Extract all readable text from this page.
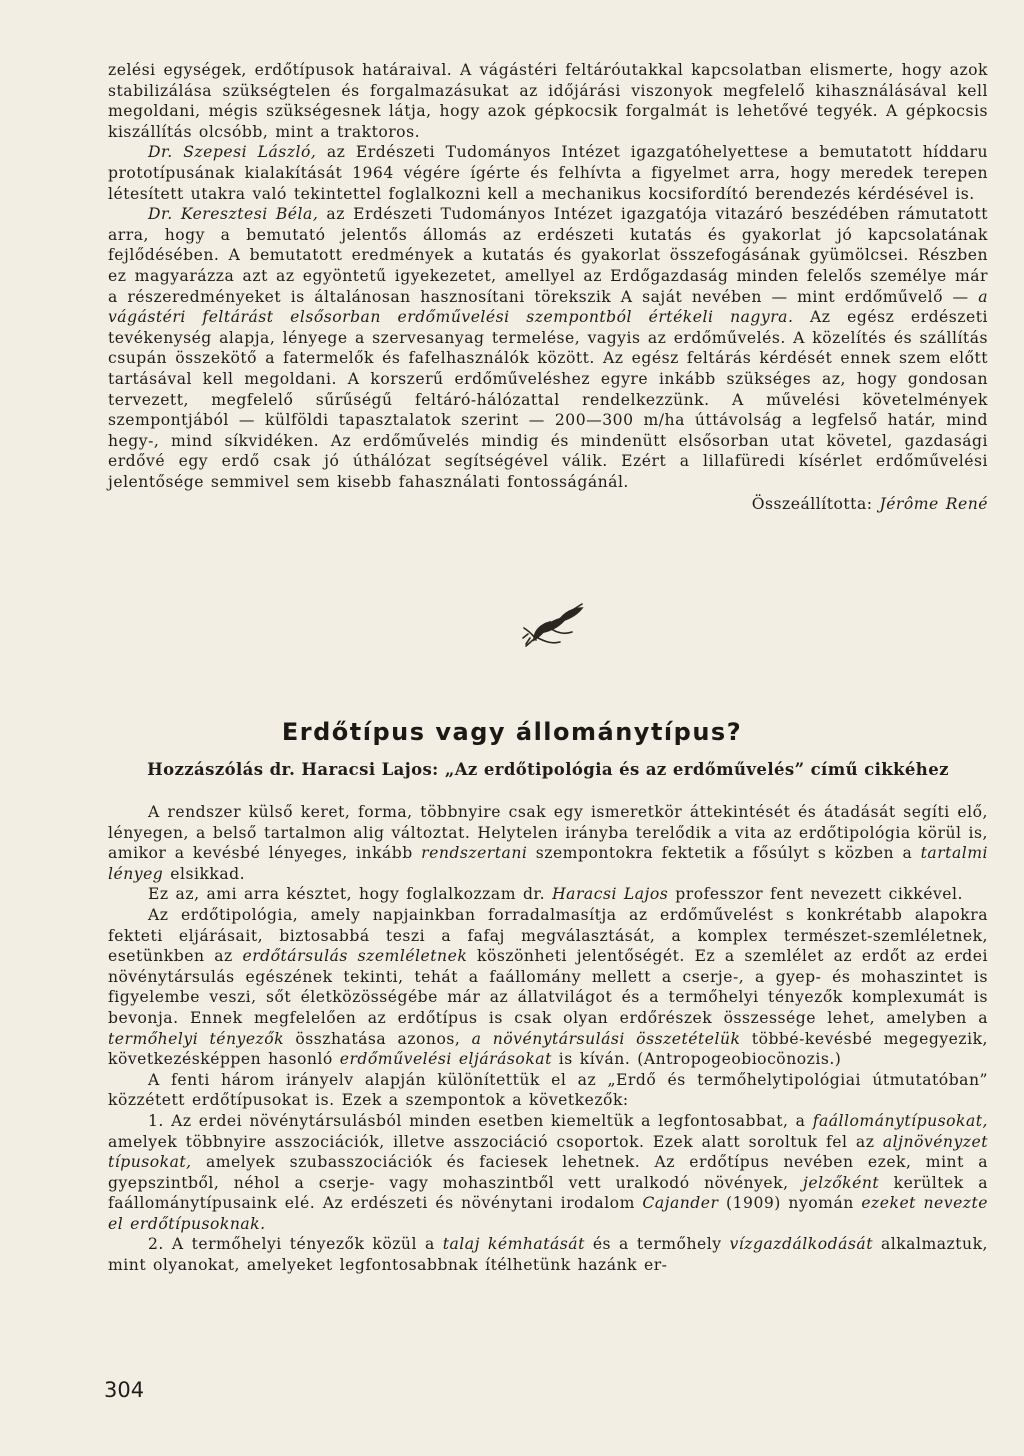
zelési egységek, erdőtípusok határaival. A vágástéri feltáróutakkal kapcsolatban elismerte, hogy azok stabilizálása szükségtelen és forgalmazásukat az időjárási viszonyok megfelelő kihasználásával kell megoldani, mégis szükségesnek látja, hogy azok gépkocsik forgalmát is lehetővé tegyék. A gépkocsis kiszállítás olcsóbb, mint a traktoros.

Dr. Szepesi László, az Erdészeti Tudományos Intézet igazgatóhelyettese a bemutatott híddaru prototípusának kialakítását 1964 végére ígérte és felhívta a figyelmet arra, hogy meredek terepen létesített utakra való tekintettel foglalkozni kell a mechanikus kocsifordító berendezés kérdésével is.

Dr. Keresztesi Béla, az Erdészeti Tudományos Intézet igazgatója vitazáró beszédében rámutatott arra, hogy a bemutató jelentős állomás az erdészeti kutatás és gyakorlat jó kapcsolatának fejlődésében. A bemutatott eredmények a kutatás és gyakorlat összefogásának gyümölcsei. Részben ez magyarázza azt az egyöntetű igyekezetet, amellyel az Erdőgazdaság minden felelős személye már a részeredményeket is általánosan hasznosítani törekszik A saját nevében — mint erdőművelő — a vágástéri feltárást elsősorban erdőművelési szempontból értékeli nagyra. Az egész erdészeti tevékenység alapja, lényege a szervesanyag termelése, vagyis az erdőművelés. A közelítés és szállítás csupán összekötő a fatermelők és fafelhasználók között. Az egész feltárás kérdését ennek szem előtt tartásával kell megoldani. A korszerű erdőműveléshez egyre inkább szükséges az, hogy gondosan tervezett, megfelelő sűrűségű feltáró-hálózattal rendelkezzünk. A művelési követelmények szempontjából — külföldi tapasztalatok szerint — 200—300 m/ha úttávolság a legfelső határ, mind hegy-, mind síkvidéken. Az erdőművelés mindig és mindenütt elsősorban utat követel, gazdasági erdővé egy erdő csak jó úthálózat segítségével válik. Ezért a lillafüredi kísérlet erdőművelési jelentősége semmivel sem kisebb fahasználati fontosságánál.

Összeállította: Jérôme René

Erdőtípus vagy állománytípus?
Hozzászólás dr. Haracsi Lajos: „Az erdőtipológia és az erdőművelés” című cikkéhez

A rendszer külső keret, forma, többnyire csak egy ismeretkör áttekintését és átadását segíti elő, lényegen, a belső tartalmon alig változtat. Helytelen irányba terelődik a vita az erdőtipológia körül is, amikor a kevésbé lényeges, inkább rendszertani szempontokra fektetik a fősúlyt s közben a tartalmi lényeg elsikkad.

Ez az, ami arra késztet, hogy foglalkozzam dr. Haracsi Lajos professzor fent nevezett cikkével.

Az erdőtipológia, amely napjainkban forradalmasítja az erdőművelést s konkrétabb alapokra fekteti eljárásait, biztosabbá teszi a fafaj megválasztását, a komplex természet-szemléletnek, esetünkben az erdőtársulás szemléletnek köszönheti jelentőségét. Ez a szemlélet az erdőt az erdei növénytársulás egészének tekinti, tehát a faállomány mellett a cserje-, a gyep- és mohaszintet is figyelembe veszi, sőt életközösségébe már az állatvilágot és a termőhelyi tényezők komplexumát is bevonja. Ennek megfelelően az erdőtípus is csak olyan erdőrészek összessége lehet, amelyben a termőhelyi tényezők összhatása azonos, a növénytársulási összetételük többé-kevésbé megegyezik, következésképpen hasonló erdőművelési eljárásokat is kíván. (Antropogeobiocönozis.)

A fenti három irányelv alapján különítettük el az „Erdő és termőhelytipológiai útmutatóban” közzétett erdőtípusokat is. Ezek a szempontok a következők:

1. Az erdei növénytársulásból minden esetben kiemeltük a legfontosabbat, a faállománytípusokat, amelyek többnyire asszociációk, illetve asszociáció csoportok. Ezek alatt soroltuk fel az aljnövényzet típusokat, amelyek szubasszociációk és faciesek lehetnek. Az erdőtípus nevében ezek, mint a gyepszintből, néhol a cserje- vagy mohaszintből vett uralkodó növények, jelzőként kerültek a faállománytípusaink elé. Az erdészeti és növénytani irodalom Cajander (1909) nyomán ezeket nevezte el erdőtípusoknak.

2. A termőhelyi tényezők közül a talaj kémhatását és a termőhely vízgazdálkodását alkalmaztuk, mint olyanokat, amelyeket legfontosabbnak ítélhetünk hazánk er-

304
